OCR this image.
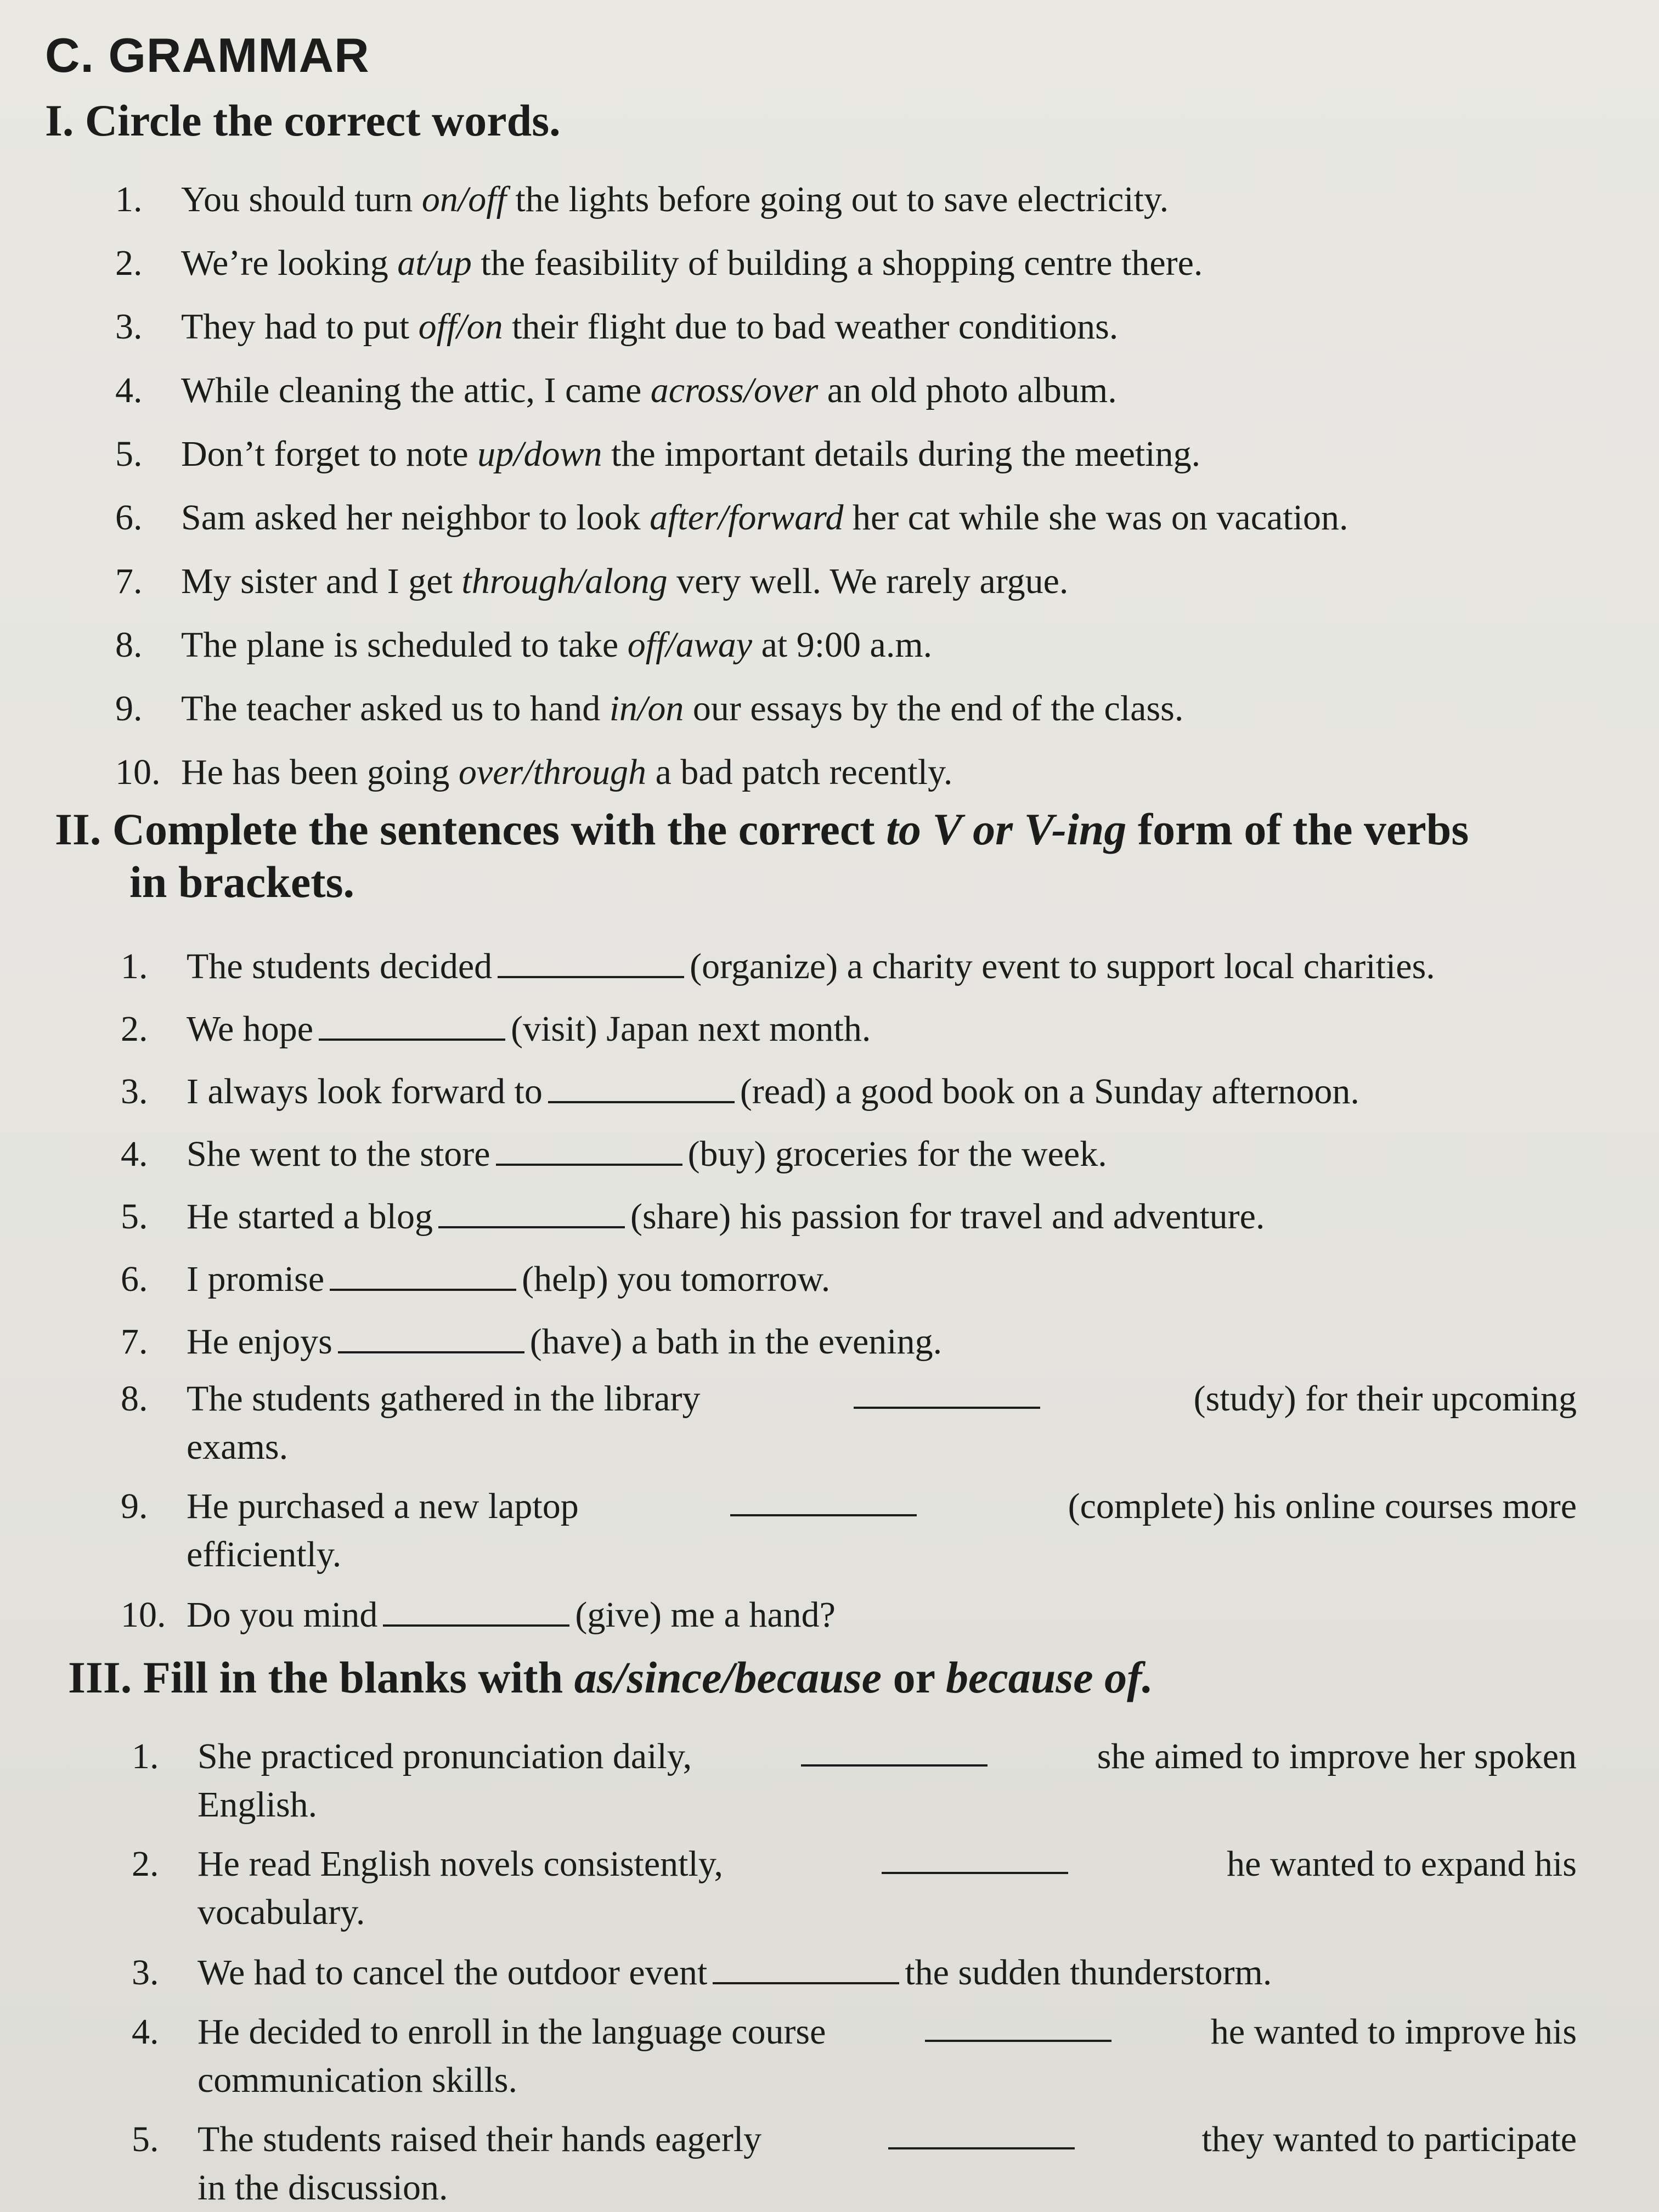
C. GRAMMAR
I. Circle the correct words.
1. You should turn on/off the lights before going out to save electricity.
2. We’re looking at/up the feasibility of building a shopping centre there.
3. They had to put off/on their flight due to bad weather conditions.
4. While cleaning the attic, I came across/over an old photo album.
5. Don’t forget to note up/down the important details during the meeting.
6. Sam asked her neighbor to look after/forward her cat while she was on vacation.
7. My sister and I get through/along very well. We rarely argue.
8. The plane is scheduled to take off/away at 9:00 a.m.
9. The teacher asked us to hand in/on our essays by the end of the class.
10. He has been going over/through a bad patch recently.
II. Complete the sentences with the correct to V or V-ing form of the verbs
in brackets.
1. The students decided	(organize) a charity event to support local charities.
2. We hope	(visit) Japan next month.
3. I always look forward to	(read) a good book on a Sunday afternoon.
4. She went to the store	(buy) groceries for the week.
5. He started a blog	(share) his passion for travel and adventure.
6. I promise	(help) you tomorrow.
7. He enjoys	(have) a bath in the evening.
8.	The students gathered in the library	(study) for their upcoming
exams.
9.	He purchased a new laptop	(complete) his online courses more
efficiently.
10. Do you mind	(give) me a hand?
III. Fill in the blanks with as/since/because or because of.
1.	She practiced pronunciation daily,	she aimed to improve her spoken
English.
2.	He read English novels consistently,	he wanted to expand his
vocabulary.
3. We had to cancel the outdoor event	the sudden thunderstorm.
4.	He decided to enroll in the language course	he wanted to improve his
communication skills.
5.	The students raised their hands eagerly	they wanted to participate
in the discussion.
